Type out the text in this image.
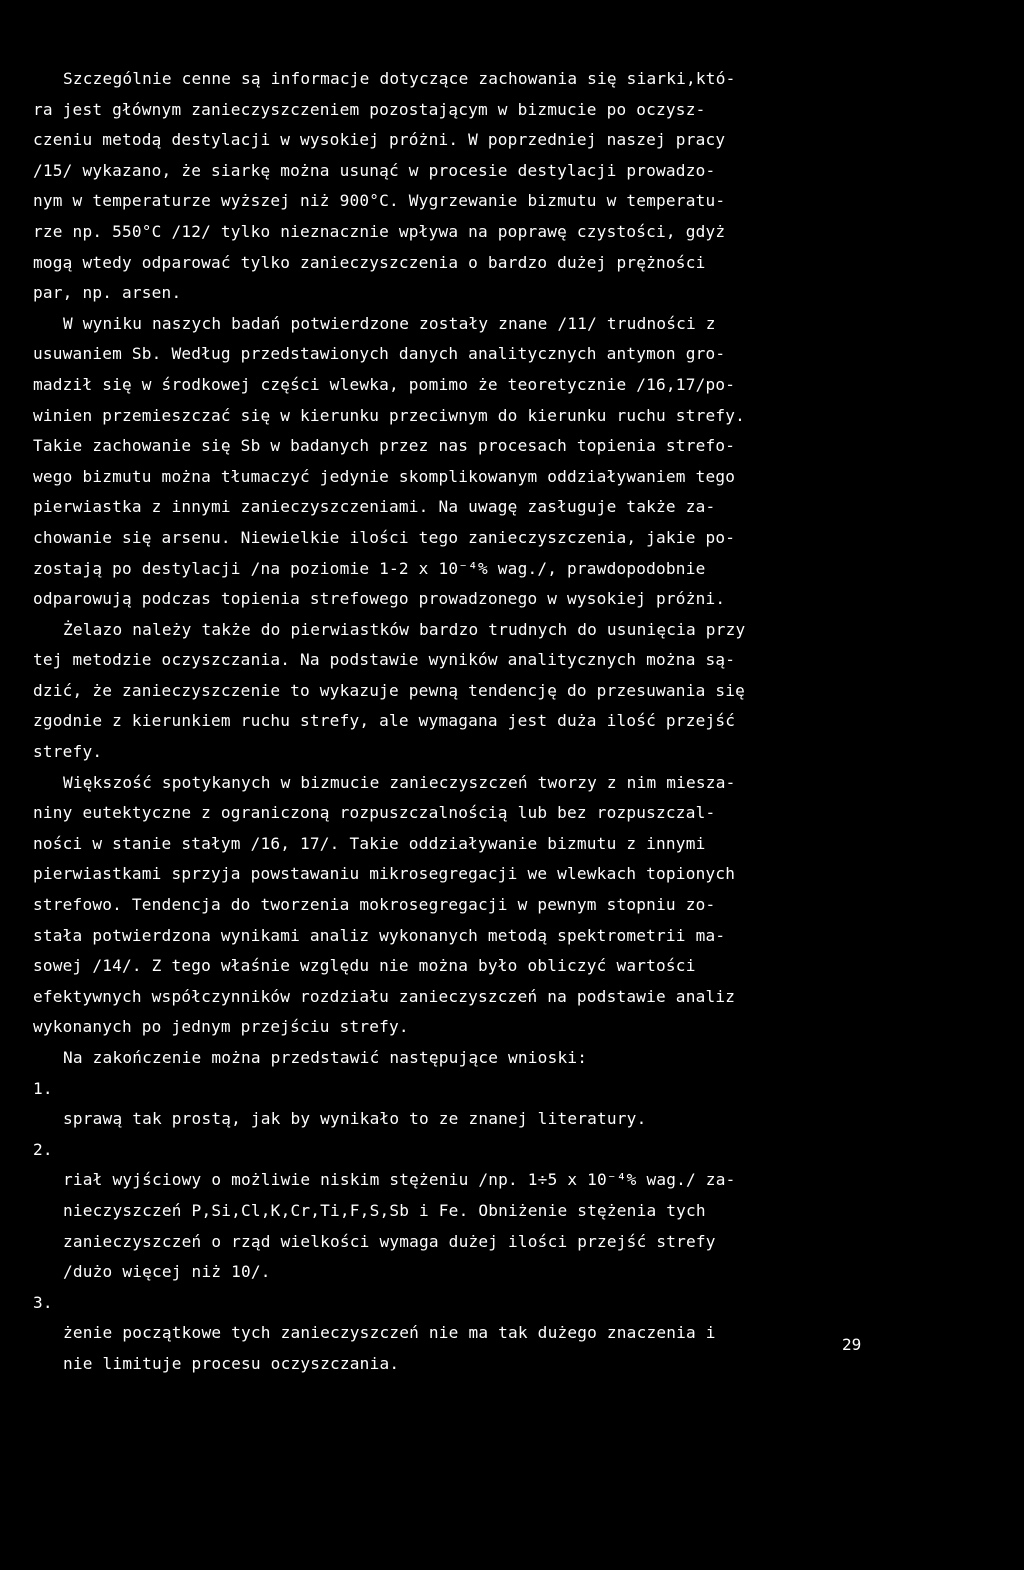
Szczególnie cenne są informacje dotyczące zachowania się siarki,któ-
ra jest głównym zanieczyszczeniem pozostającym w bizmucie po oczysz-
czeniu metodą destylacji w wysokiej próżni. W poprzedniej naszej pracy
/15/ wykazano, że siarkę można usunąć w procesie destylacji prowadzo-
nym w temperaturze wyższej niż 900°C. Wygrzewanie bizmutu w temperatu-
rze np. 550°C /12/ tylko nieznacznie wpływa na poprawę czystości, gdyż
mogą wtedy odparować tylko zanieczyszczenia o bardzo dużej prężności
par, np. arsen.
W wyniku naszych badań potwierdzone zostały znane /11/ trudności z
usuwaniem Sb. Według przedstawionych danych analitycznych antymon gro-
madził się w środkowej części wlewka, pomimo że teoretycznie /16,17/po-
winien przemieszczać się w kierunku przeciwnym do kierunku ruchu strefy.
Takie zachowanie się Sb w badanych przez nas procesach topienia strefo-
wego bizmutu można tłumaczyć jedynie skomplikowanym oddziaływaniem tego
pierwiastka z innymi zanieczyszczeniami. Na uwagę zasługuje także za-
chowanie się arsenu. Niewielkie ilości tego zanieczyszczenia, jakie po-
zostają po destylacji /na poziomie 1-2 x 10⁻⁴% wag./, prawdopodobnie
odparowują podczas topienia strefowego prowadzonego w wysokiej próżni.
Żelazo należy także do pierwiastków bardzo trudnych do usunięcia przy
tej metodzie oczyszczania. Na podstawie wyników analitycznych można są-
dzić, że zanieczyszczenie to wykazuje pewną tendencję do przesuwania się
zgodnie z kierunkiem ruchu strefy, ale wymagana jest duża ilość przejść
strefy.
Większość spotykanych w bizmucie zanieczyszczeń tworzy z nim mieszа-
niny eutektyczne z ograniczoną rozpuszczalnością lub bez rozpuszczal-
ności w stanie stałym /16, 17/. Takie oddziaływanie bizmutu z innymi
pierwiastkami sprzyja powstawaniu mikrosegregacji we wlewkach topionych
strefowo. Tendencja do tworzenia mokrosegregacji w pewnym stopniu zo-
stała potwierdzona wynikami analiz wykonanych metodą spektrometrii ma-
sowej /14/. Z tego właśnie względu nie można było obliczyć wartości
efektywnych współczynników rozdziału zanieczyszczeń na podstawie analiz
wykonanych po jednym przejściu strefy.
Na zakończenie można przedstawić następujące wnioski:

1.

sprawą tak prostą, jak by wynikało to ze znanej literatury.

2.

riał wyjściowy o możliwie niskim stężeniu /np. 1÷5 x 10⁻⁴% wag./ za-
nieczyszczeń P,Si,Cl,K,Cr,Ti,F,S,Sb i Fe. Obniżenie stężenia tych
zanieczyszczeń o rząd wielkości wymaga dużej ilości przejść strefy
/dużo więcej niż 10/.

3.

żenie początkowe tych zanieczyszczeń nie ma tak dużego znaczenia i
nie limituje procesu oczyszczania.
29
